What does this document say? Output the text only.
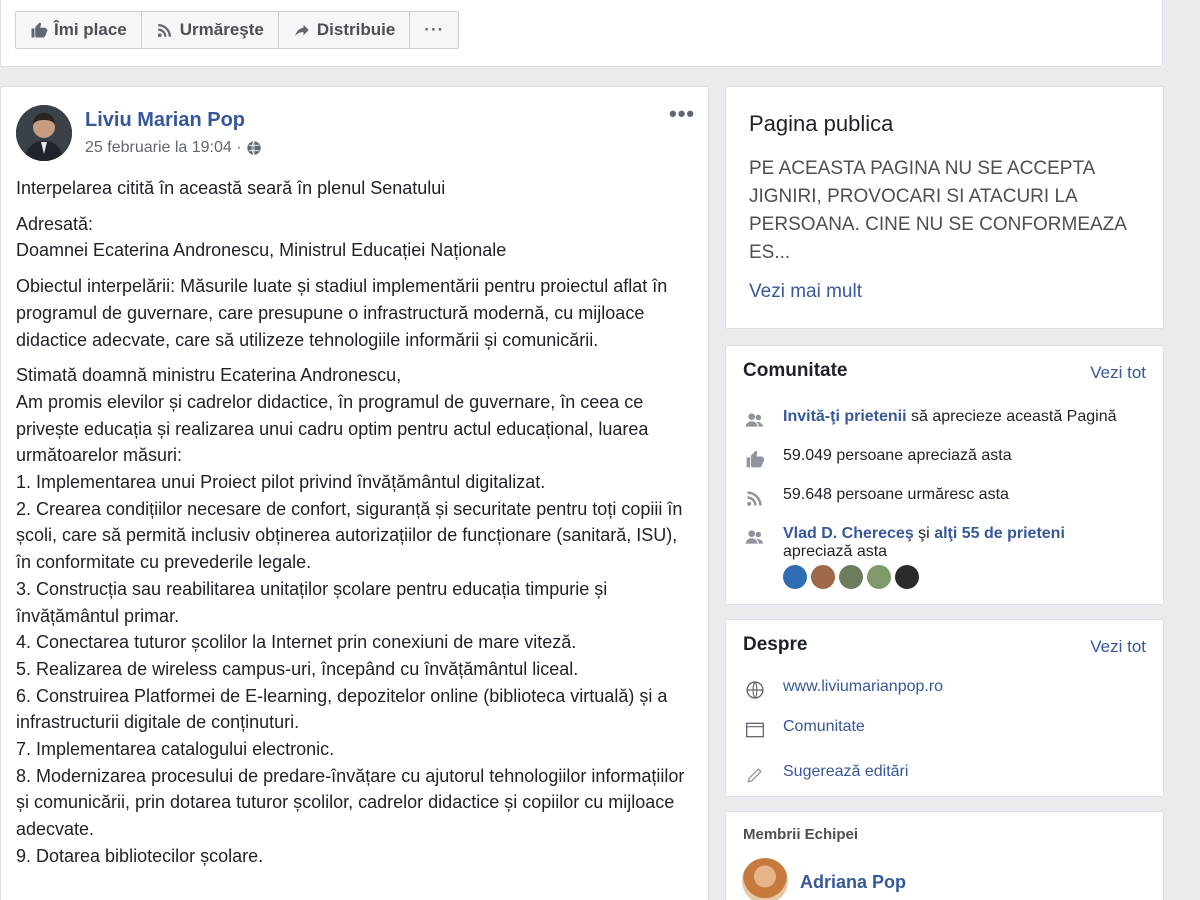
Îmi place	Urmăreşte	Distribuie ···
Liviu Marian Pop
25 februarie la 19:04 ·
•••

Interpelarea citită în această seară în plenul Senatului

Adresată:
Doamnei Ecaterina Andronescu, Ministrul Educației Naționale

Obiectul interpelării: Măsurile luate și stadiul implementării pentru proiectul aflat în programul de guvernare, care presupune o infrastructură modernă, cu mijloace didactice adecvate, care să utilizeze tehnologiile informării și comunicării.

Stimată doamnă ministru Ecaterina Andronescu,
Am promis elevilor și cadrelor didactice, în programul de guvernare, în ceea ce privește educația și realizarea unui cadru optim pentru actul educațional, luarea următoarelor măsuri:
1. Implementarea unui Proiect pilot privind învățământul digitalizat.
2. Crearea condițiilor necesare de confort, siguranță și securitate pentru toți copiii în școli, care să permită inclusiv obținerea autorizațiilor de funcționare (sanitară, ISU), în conformitate cu prevederile legale.
3. Construcția sau reabilitarea unitaților școlare pentru educația timpurie și învățământul primar.
4. Conectarea tuturor școlilor la Internet prin conexiuni de mare viteză.
5. Realizarea de wireless campus-uri, începând cu învățământul liceal.
6. Construirea Platformei de E-learning, depozitelor online (biblioteca virtuală) și a infrastructurii digitale de conținuturi.
7. Implementarea catalogului electronic.
8. Modernizarea procesului de predare-învățare cu ajutorul tehnologiilor informațiilor și comunicării, prin dotarea tuturor școlilor, cadrelor didactice și copiilor cu mijloace adecvate.
9. Dotarea bibliotecilor școlare.

Pagina publica
PE ACEASTA PAGINA NU SE ACCEPTA JIGNIRI, PROVOCARI SI ATACURI LA PERSOANA. CINE NU SE CONFORMEAZA ES...
Vezi mai mult
Comunitate	Vezi tot
Invită-ţi prietenii să aprecieze această Pagină
59.049 persoane apreciază asta
59.648 persoane urmăresc asta
Vlad D. Chereceş şi alţi 55 de prieteni
apreciază asta
Despre	Vezi tot
www.liviumarianpop.ro
Comunitate
Sugerează editări
Membrii Echipei
Adriana Pop
